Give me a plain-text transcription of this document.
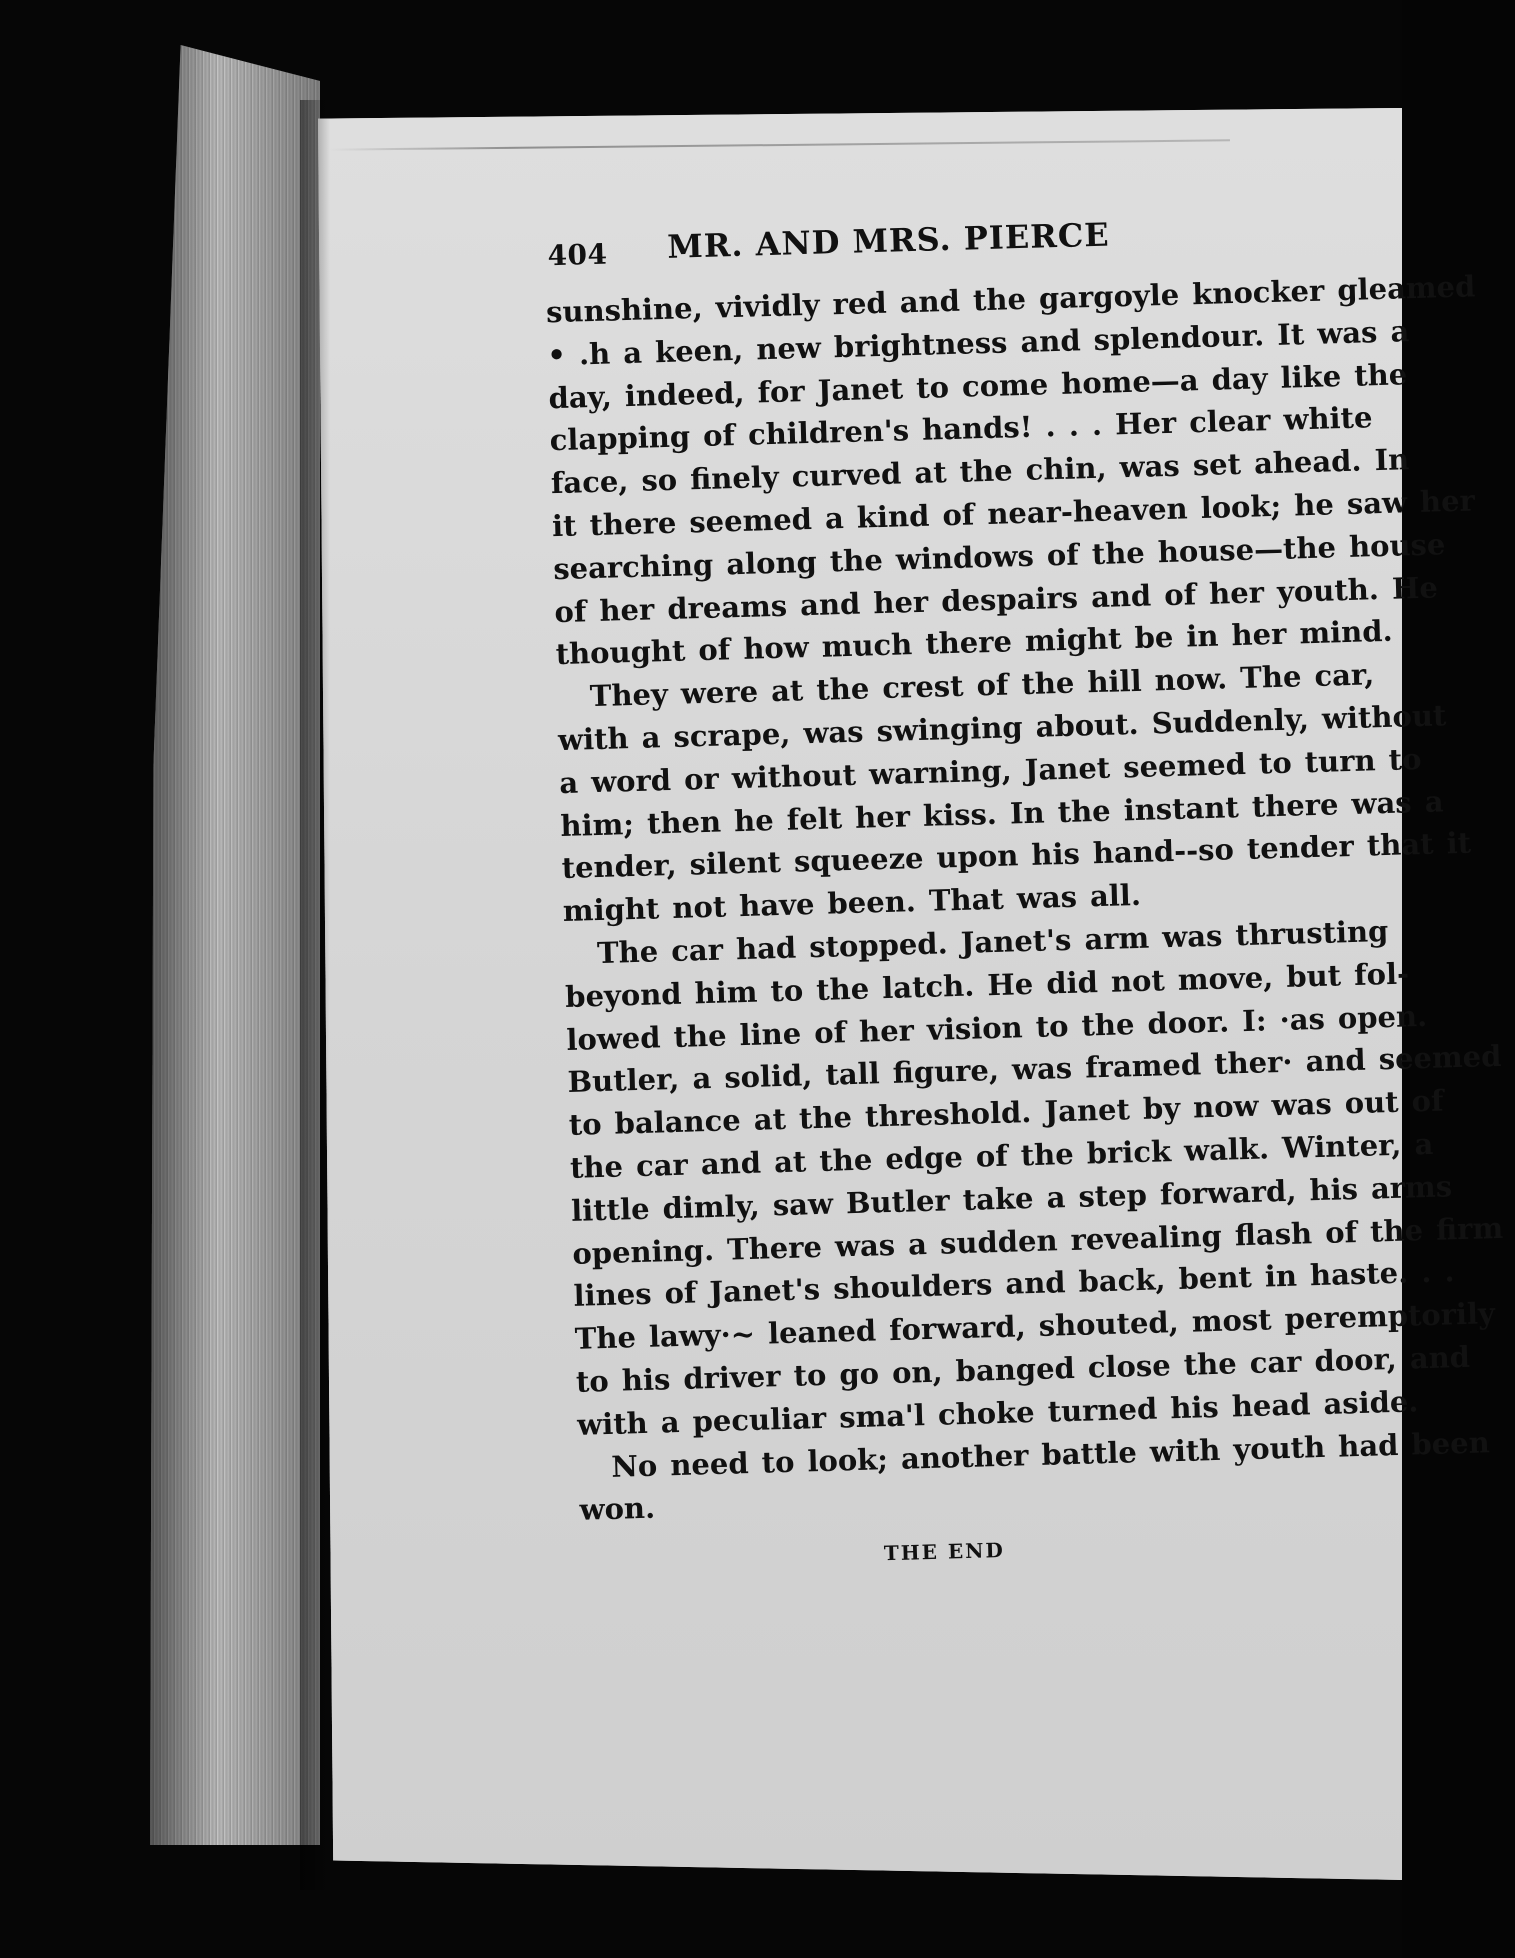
404 MR. AND MRS. PIERCE
sunshine, vividly red and the gargoyle knocker gleamed
• .h a keen, new brightness and splendour. It was a
day, indeed, for Janet to come home—a day like the
clapping of children's hands! . . . Her clear white
face, so finely curved at the chin, was set ahead. In
it there seemed a kind of near-heaven look; he saw her
searching along the windows of the house—the house
of her dreams and her despairs and of her youth. He
thought of how much there might be in her mind.
They were at the crest of the hill now. The car,
with a scrape, was swinging about. Suddenly, without
a word or without warning, Janet seemed to turn to
him; then he felt her kiss. In the instant there was a
tender, silent squeeze upon his hand--so tender that it
might not have been. That was all.
The car had stopped. Janet's arm was thrusting
beyond him to the latch. He did not move, but fol-
lowed the line of her vision to the door. I: ·as open.
Butler, a solid, tall figure, was framed ther· and seemed
to balance at the threshold. Janet by now was out of
the car and at the edge of the brick walk. Winter, a
little dimly, saw Butler take a step forward, his arms
opening. There was a sudden revealing flash of the firm
lines of Janet's shoulders and back, bent in haste. . .
The lawy·~ leaned forward, shouted, most peremptorily
to his driver to go on, banged close the car door, and
with a peculiar sma'l choke turned his head aside.
No need to look; another battle with youth had been
won.
THE END
